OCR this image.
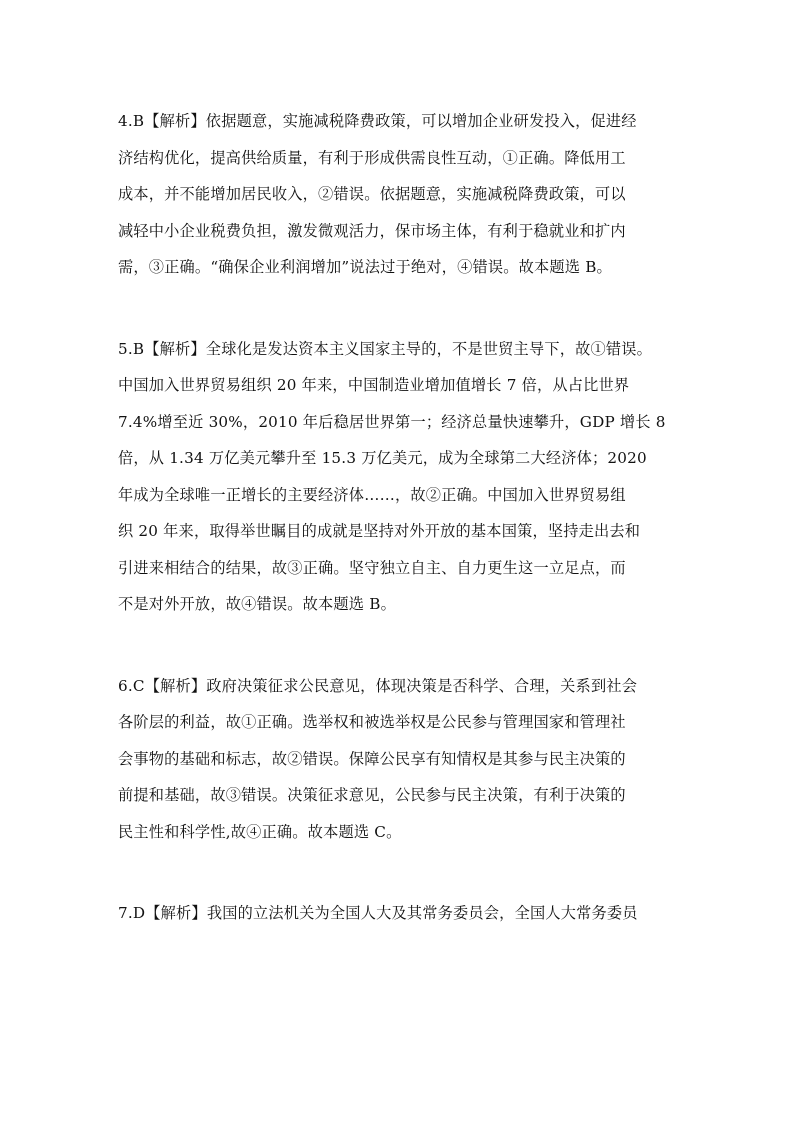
4.B【解析】依据题意，实施减税降费政策，可以增加企业研发投入，促进经
济结构优化，提高供给质量，有利于形成供需良性互动，①正确。降低用工
成本，并不能增加居民收入，②错误。依据题意，实施减税降费政策，可以
减轻中小企业税费负担，激发微观活力，保市场主体，有利于稳就业和扩内
需，③正确。“确保企业利润增加”说法过于绝对，④错误。故本题选 B。

5.B【解析】全球化是发达资本主义国家主导的，不是世贸主导下，故①错误。
中国加入世界贸易组织 20 年来，中国制造业增加值增长 7 倍，从占比世界
7.4%增至近 30%，2010 年后稳居世界第一；经济总量快速攀升，GDP 增长 8
倍，从 1.34 万亿美元攀升至 15.3 万亿美元，成为全球第二大经济体；2020
年成为全球唯一正增长的主要经济体……，故②正确。中国加入世界贸易组
织 20 年来，取得举世瞩目的成就是坚持对外开放的基本国策，坚持走出去和
引进来相结合的结果，故③正确。坚守独立自主、自力更生这一立足点，而
不是对外开放，故④错误。故本题选 B。

6.C【解析】政府决策征求公民意见，体现决策是否科学、合理，关系到社会
各阶层的利益，故①正确。选举权和被选举权是公民参与管理国家和管理社
会事物的基础和标志，故②错误。保障公民享有知情权是其参与民主决策的
前提和基础，故③错误。决策征求意见，公民参与民主决策，有利于决策的
民主性和科学性,故④正确。故本题选 C。

7.D【解析】我国的立法机关为全国人大及其常务委员会，全国人大常务委员
